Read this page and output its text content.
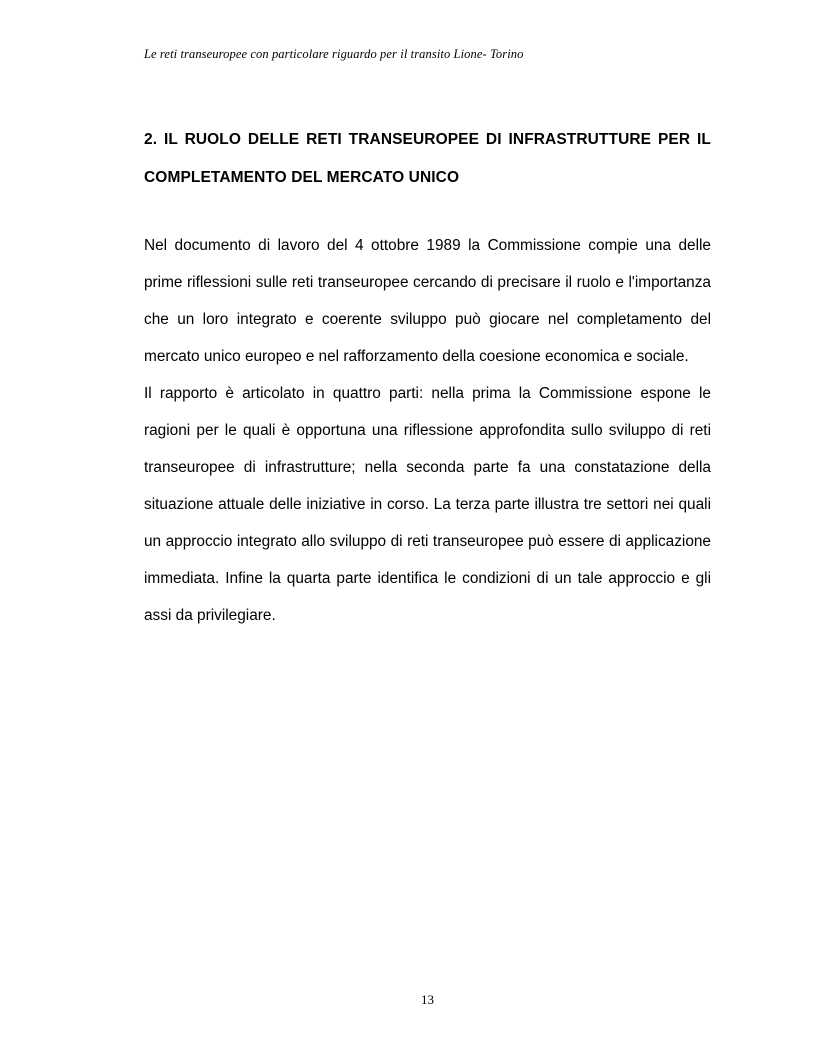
Le reti transeuropee con particolare riguardo per il transito Lione- Torino
2. IL RUOLO DELLE RETI TRANSEUROPEE DI INFRASTRUTTURE PER IL
COMPLETAMENTO DEL MERCATO UNICO

Nel documento di lavoro del 4 ottobre 1989 la Commissione compie una delle prime riflessioni sulle reti transeuropee cercando di precisare il ruolo e l'importanza che un loro integrato e coerente sviluppo può giocare nel completamento del mercato unico europeo e nel rafforzamento della coesione economica e sociale.

Il rapporto è articolato in quattro parti: nella prima la Commissione espone le ragioni per le quali è opportuna una riflessione approfondita sullo sviluppo di reti transeuropee di infrastrutture; nella seconda parte fa una constatazione della situazione attuale delle iniziative in corso. La terza parte illustra tre settori nei quali un approccio integrato allo sviluppo di reti transeuropee può essere di applicazione immediata. Infine la quarta parte identifica le condizioni di un tale approccio e gli assi da privilegiare.

13
